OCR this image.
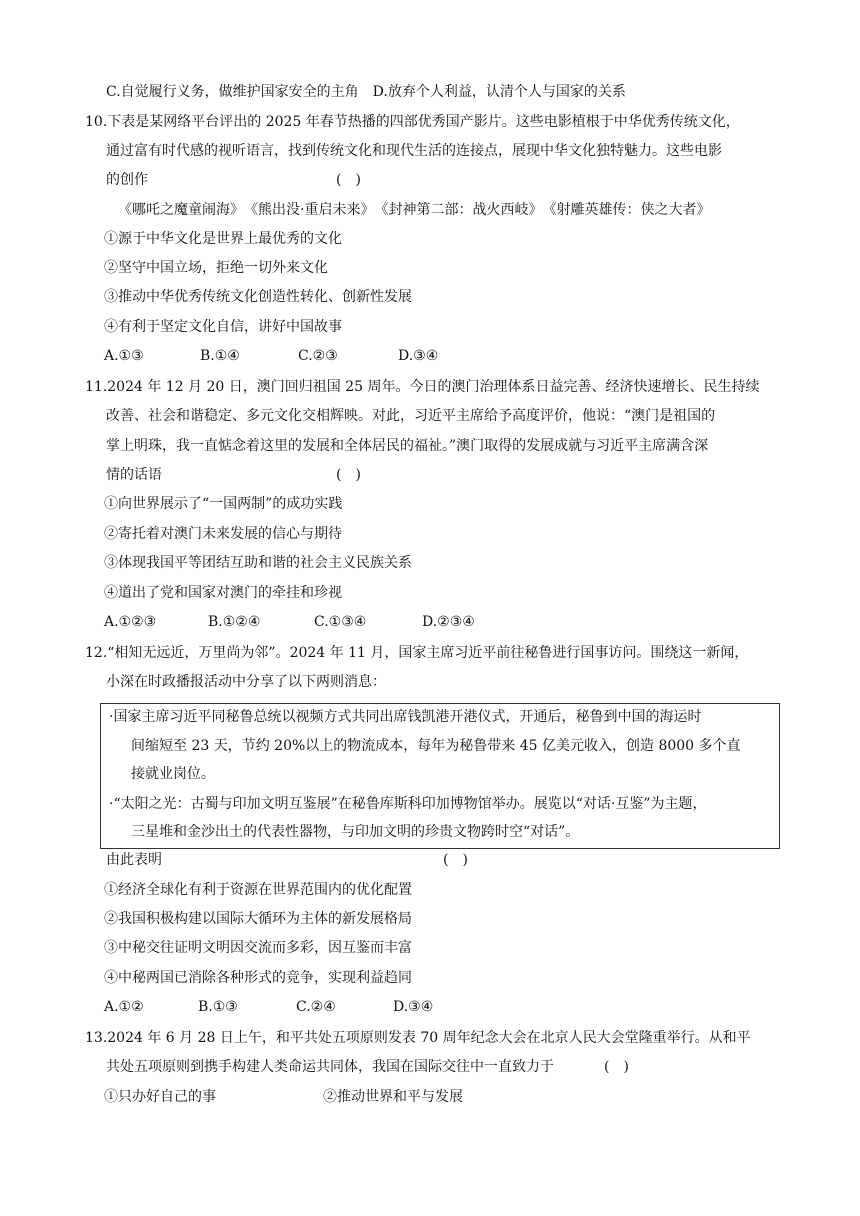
C.自觉履行义务，做维护国家安全的主角　D.放弃个人利益，认清个人与国家的关系
10.下表是某网络平台评出的 2025 年春节热播的四部优秀国产影片。这些电影植根于中华优秀传统文化，
通过富有时代感的视听语言，找到传统文化和现代生活的连接点，展现中华文化独特魅力。这些电影
的创作	(　)
《哪吒之魔童闹海》　《熊出没·重启未来》　《封神第二部：战火西岐》　《射雕英雄传：侠之大者》
①源于中华文化是世界上最优秀的文化
②坚守中国立场，拒绝一切外来文化
③推动中华优秀传统文化创造性转化、创新性发展
④有利于坚定文化自信，讲好中国故事
A.①③	B.①④	C.②③	D.③④
11.2024 年 12 月 20 日，澳门回归祖国 25 周年。今日的澳门治理体系日益完善、经济快速增长、民生持续
改善、社会和谐稳定、多元文化交相辉映。对此，习近平主席给予高度评价，他说：“澳门是祖国的
掌上明珠，我一直惦念着这里的发展和全体居民的福祉。”澳门取得的发展成就与习近平主席满含深
情的话语	(　)
①向世界展示了“一国两制”的成功实践
②寄托着对澳门未来发展的信心与期待
③体现我国平等团结互助和谐的社会主义民族关系
④道出了党和国家对澳门的牵挂和珍视
A.①②③	B.①②④	C.①③④	D.②③④
12.“相知无远近，万里尚为邻”。2024 年 11 月，国家主席习近平前往秘鲁进行国事访问。围绕这一新闻，
小深在时政播报活动中分享了以下两则消息：
·国家主席习近平同秘鲁总统以视频方式共同出席钱凯港开港仪式，开通后，秘鲁到中国的海运时
间缩短至 23 天，节约 20%以上的物流成本，每年为秘鲁带来 45 亿美元收入，创造 8000 多个直
接就业岗位。
·“太阳之光：古蜀与印加文明互鉴展”在秘鲁库斯科印加博物馆举办。展览以“对话·互鉴”为主题，
三星堆和金沙出土的代表性器物，与印加文明的珍贵文物跨时空“对话”。
由此表明	(　)
①经济全球化有利于资源在世界范围内的优化配置
②我国积极构建以国际大循环为主体的新发展格局
③中秘交往证明文明因交流而多彩，因互鉴而丰富
④中秘两国已消除各种形式的竞争，实现利益趋同
A.①②	B.①③	C.②④	D.③④
13.2024 年 6 月 28 日上午，和平共处五项原则发表 70 周年纪念大会在北京人民大会堂隆重举行。从和平
共处五项原则到携手构建人类命运共同体，我国在国际交往中一直致力于	(　)
①只办好自己的事	②推动世界和平与发展
